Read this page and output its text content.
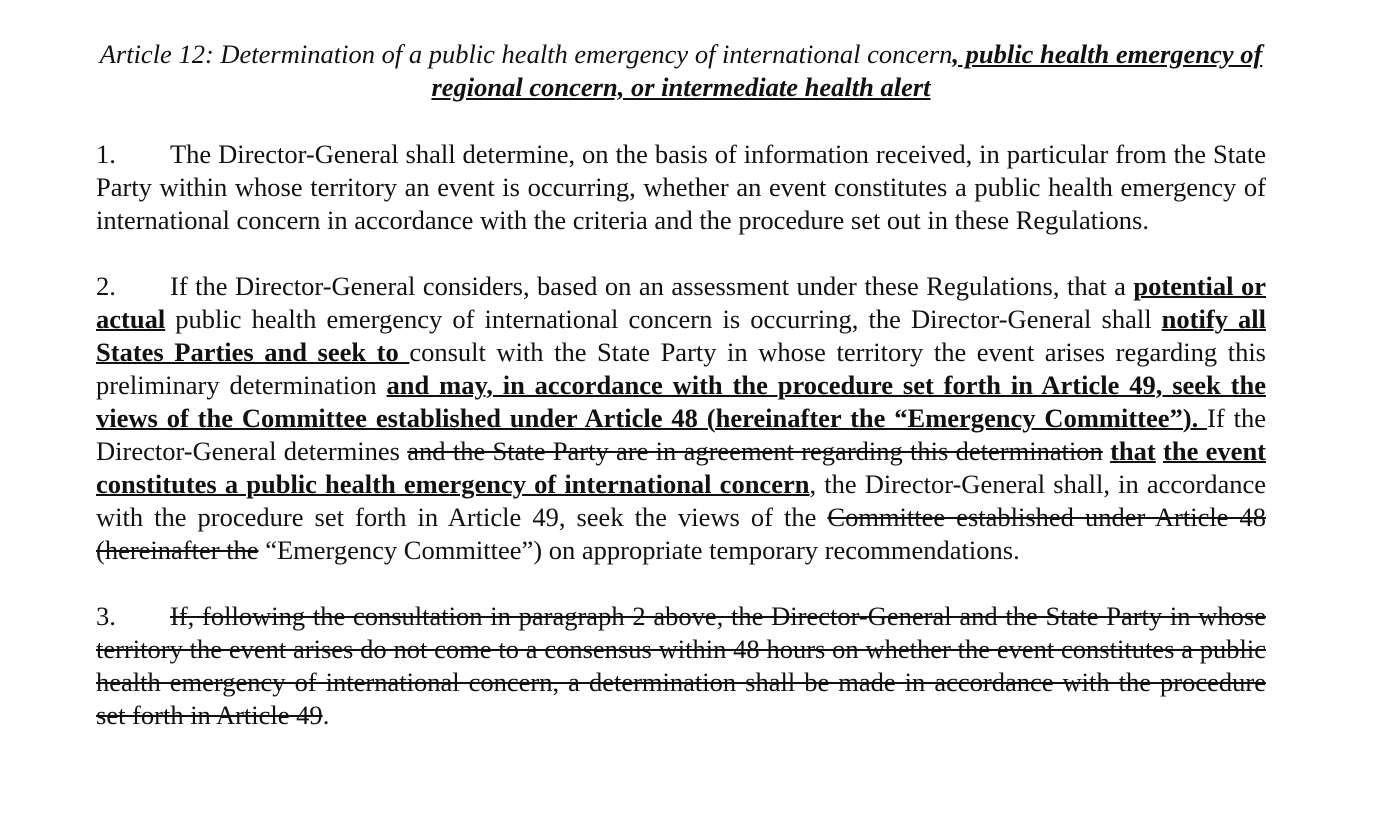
Article 12: Determination of a public health emergency of international concern, public health emergency of regional concern, or intermediate health alert
1. The Director-General shall determine, on the basis of information received, in particular from the State Party within whose territory an event is occurring, whether an event constitutes a public health emergency of international concern in accordance with the criteria and the procedure set out in these Regulations.
2. If the Director-General considers, based on an assessment under these Regulations, that a potential or actual public health emergency of international concern is occurring, the Director-General shall notify all States Parties and seek to consult with the State Party in whose territory the event arises regarding this preliminary determination and may, in accordance with the procedure set forth in Article 49, seek the views of the Committee established under Article 48 (hereinafter the “Emergency Committee”). If the Director-General determines and the State Party are in agreement regarding this determination that the event constitutes a public health emergency of international concern, the Director-General shall, in accordance with the procedure set forth in Article 49, seek the views of the Committee established under Article 48 (hereinafter the “Emergency Committee”) on appropriate temporary recommendations.
3. If, following the consultation in paragraph 2 above, the Director-General and the State Party in whose territory the event arises do not come to a consensus within 48 hours on whether the event constitutes a public health emergency of international concern, a determination shall be made in accordance with the procedure set forth in Article 49.
